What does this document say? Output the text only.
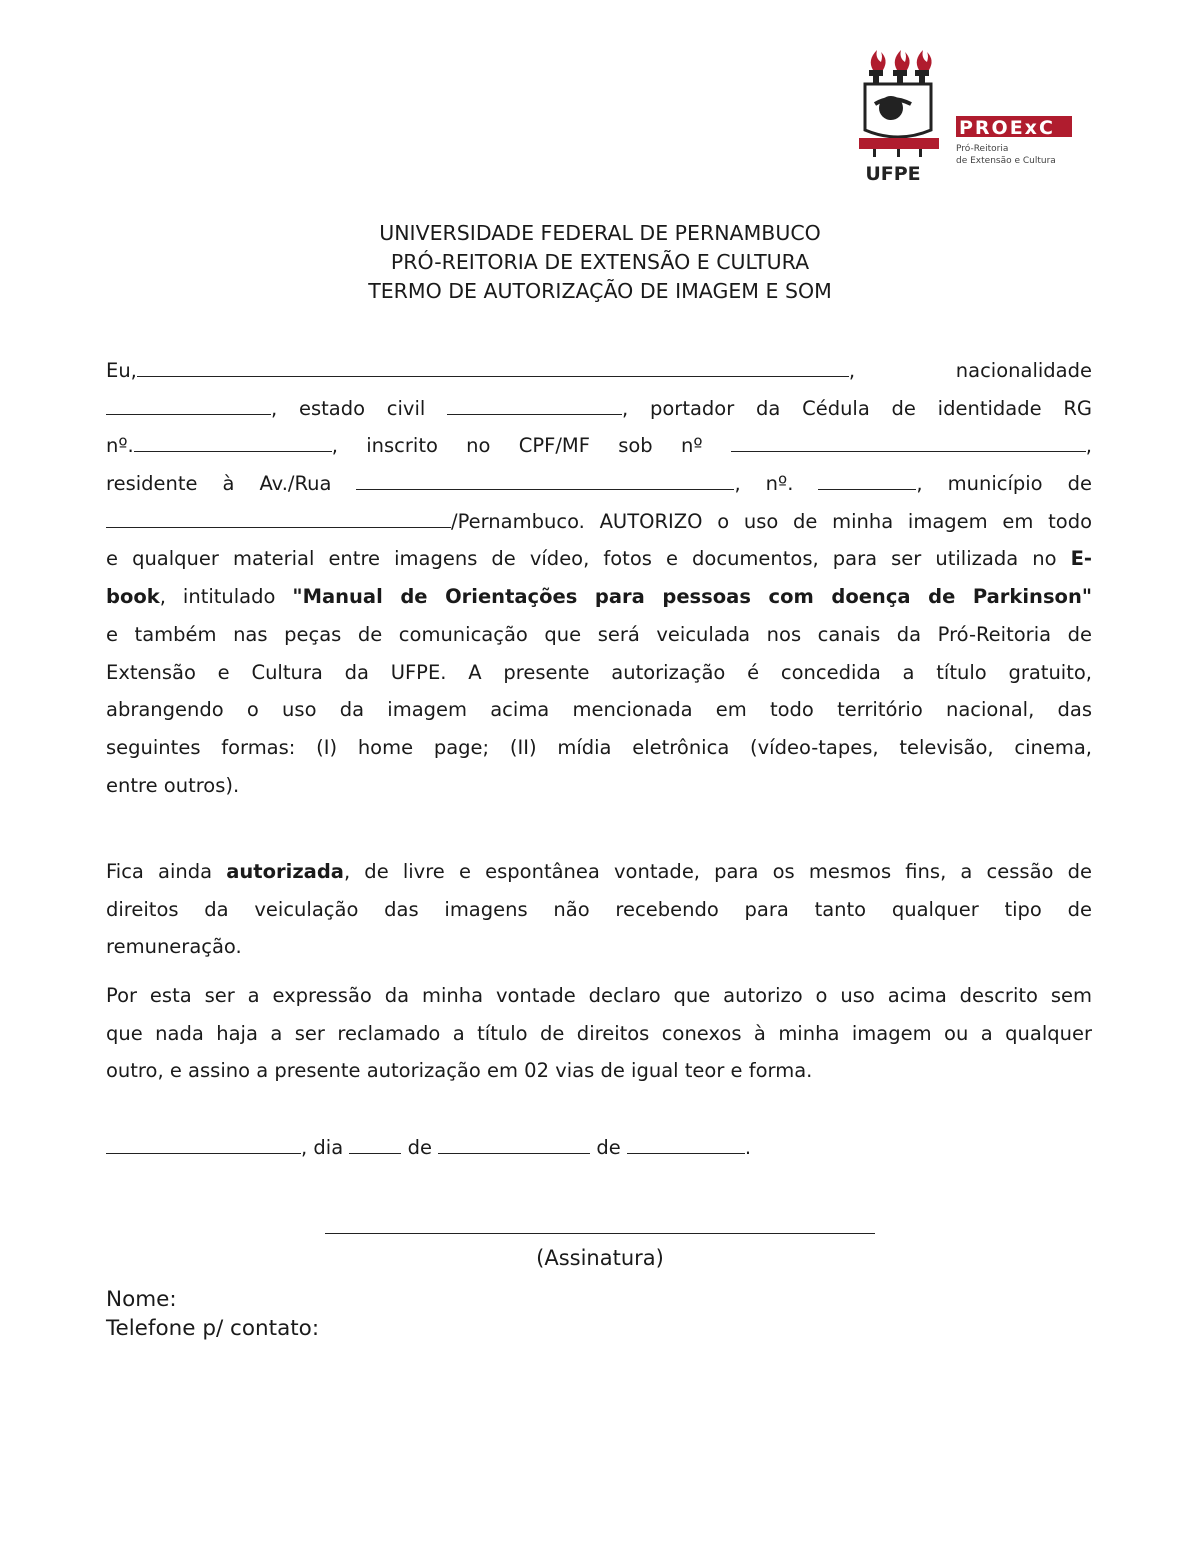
UFPE
PROExC
Pró-Reitoria
de Extensão e Cultura
UNIVERSIDADE FEDERAL DE PERNAMBUCO
PRÓ-REITORIA DE EXTENSÃO E CULTURA
TERMO DE AUTORIZAÇÃO DE IMAGEM E SOM
Eu,	,	nacionalidade
, estado civil	, portador da Cédula de identidade RG
nº.	, inscrito no CPF/MF sob nº	,
residente à Av./Rua	, nº.	, município de
/Pernambuco. AUTORIZO o uso de minha imagem em todo
e qualquer material entre imagens de vídeo, fotos e documentos, para ser utilizada no E-
book, intitulado "Manual de Orientações para pessoas com doença de Parkinson"
e também nas peças de comunicação que será veiculada nos canais da Pró-Reitoria de
Extensão e Cultura da UFPE. A presente autorização é concedida a título gratuito,
abrangendo o uso da imagem acima mencionada em todo território nacional, das
seguintes formas: (I) home page; (II) mídia eletrônica (vídeo-tapes, televisão, cinema,
entre outros).
Fica ainda autorizada, de livre e espontânea vontade, para os mesmos fins, a cessão de
direitos da veiculação das imagens não recebendo para tanto qualquer tipo de
remuneração.
Por esta ser a expressão da minha vontade declaro que autorizo o uso acima descrito sem
que nada haja a ser reclamado a título de direitos conexos à minha imagem ou a qualquer
outro, e assino a presente autorização em 02 vias de igual teor e forma.
, dia	de	de	.
(Assinatura)
Nome:
Telefone p/ contato:
